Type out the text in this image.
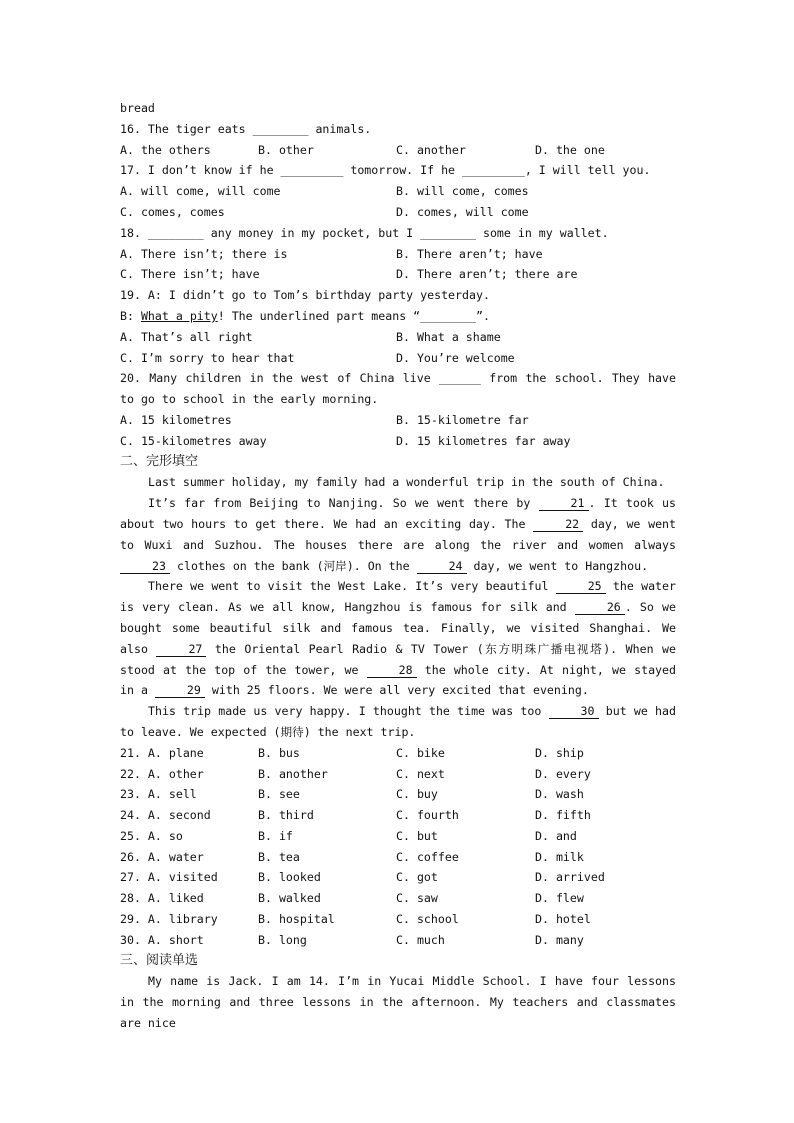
bread
16. The tiger eats ________ animals.
A. the others	B. other	C. another	D. the one
17. I don’t know if he _________ tomorrow. If he _________, I will tell you.
A. will come, will come	B. will come, comes
C. comes, comes	D. comes, will come
18. ________ any money in my pocket, but I ________ some in my wallet.
A. There isn’t; there is	B. There aren’t; have
C. There isn’t; have	D. There aren’t; there are
19. A: I didn’t go to Tom’s birthday party yesterday.
B: What a pity! The underlined part means “________”.
A. That’s all right	B. What a shame
C. I’m sorry to hear that	D. You’re welcome
20. Many children in the west of China live ______ from the school. They have to go to school in the early morning.
A. 15 kilometres	B. 15-kilometre far
C. 15-kilometres away	D. 15 kilometres far away
二、完形填空
Last summer holiday, my family had a wonderful trip in the south of China.
It’s far from Beijing to Nanjing. So we went there by	21 . It took us about two hours to get there. We had an exciting day. The	22 day, we went to Wuxi and Suzhou. The houses there are along the river and women always 23 clothes on the bank (河岸). On the	24 day, we went to Hangzhou.
There we went to visit the West Lake. It’s very beautiful	25 the water is very clean. As we all know, Hangzhou is famous for silk and	26 . So we bought some beautiful silk and famous tea. Finally, we visited Shanghai. We also	27 the Oriental Pearl Radio & TV Tower (东方明珠广播电视塔). When we stood at the top of the tower, we	28 the whole city. At night, we stayed in a	29 with 25 floors. We were all very excited that evening.
This trip made us very happy. I thought the time was too	30 but we had to leave. We expected (期待) the next trip.
21. A. plane	B. bus	C. bike	D. ship
22. A. other	B. another	C. next	D. every
23. A. sell	B. see	C. buy	D. wash
24. A. second	B. third	C. fourth	D. fifth
25. A. so	B. if	C. but	D. and
26. A. water	B. tea	C. coffee	D. milk
27. A. visited	B. looked	C. got	D. arrived
28. A. liked	B. walked	C. saw	D. flew
29. A. library	B. hospital	C. school	D. hotel
30. A. short	B. long	C. much	D. many
三、阅读单选
My name is Jack. I am 14. I’m in Yucai Middle School. I have four lessons in the morning and three lessons in the afternoon. My teachers and classmates are nice
